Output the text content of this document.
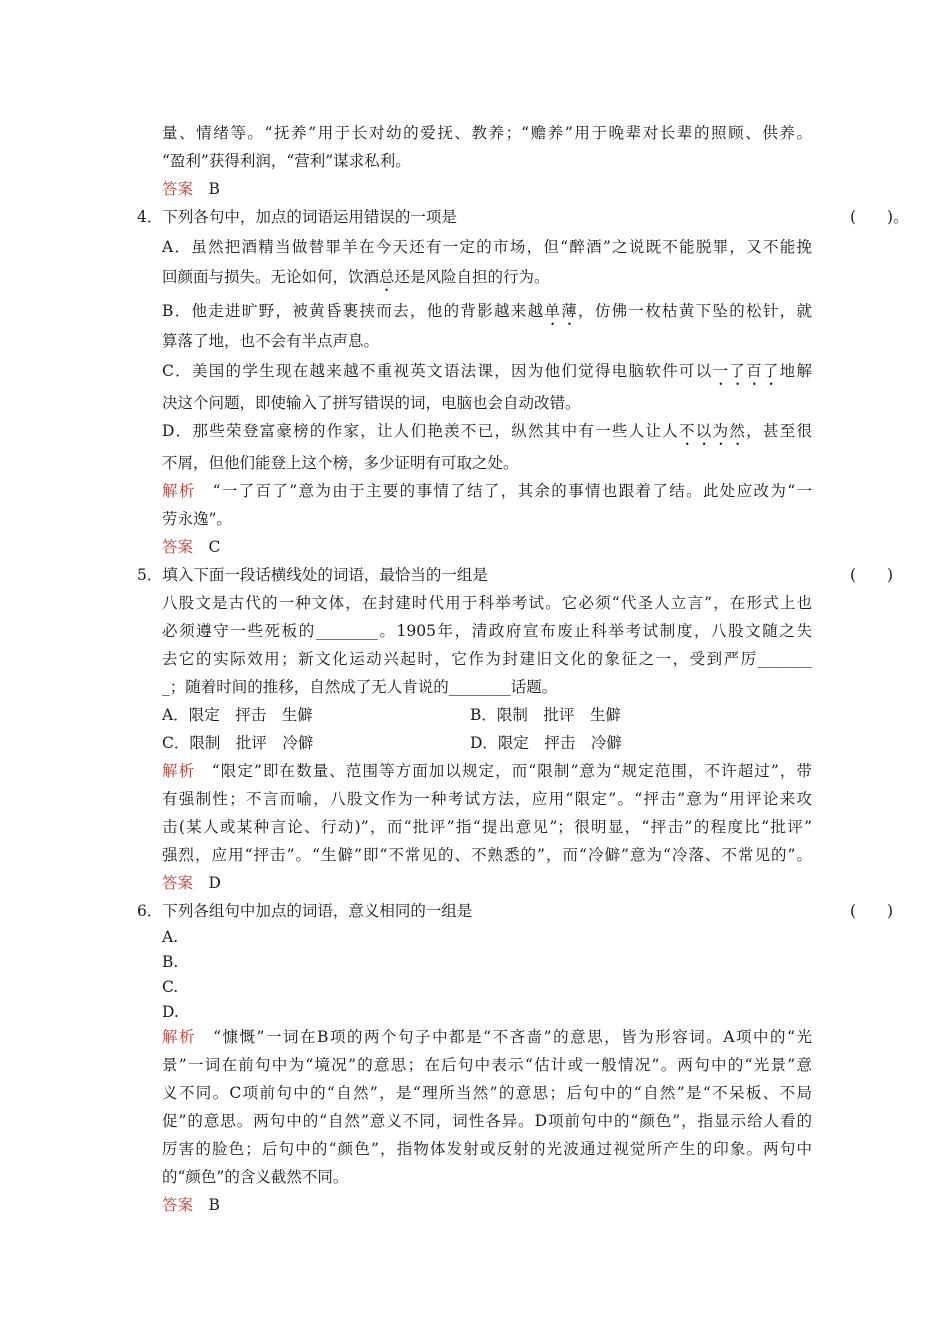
量、情绪等。“抚养”用于长对幼的爱抚、教养；“赡养”用于晚辈对长辈的照顾、供养。
“盈利”获得利润，“营利”谋求私利。
答案　 B
4．下列各句中，加点的词语运用错误的一项是	(　　)。
A．虽然把酒精当做替罪羊在今天还有一定的市场，但“醉酒”之说既不能脱罪，又不能挽
回颜面与损失。无论如何，饮酒总还是风险自担的行为。
B．他走进旷野，被黄昏裹挟而去，他的背影越来越单薄，仿佛一枚枯黄下坠的松针，就
算落了地，也不会有半点声息。
C．美国的学生现在越来越不重视英文语法课，因为他们觉得电脑软件可以一了百了地解
决这个问题，即使输入了拼写错误的词，电脑也会自动改错。
D．那些荣登富豪榜的作家，让人们艳羡不已，纵然其中有一些人让人不以为然，甚至很
不屑，但他们能登上这个榜，多少证明有可取之处。
解析　 “一了百了”意为由于主要的事情了结了，其余的事情也跟着了结。此处应改为“一
劳永逸”。
答案　 C
5．填入下面一段话横线处的词语，最恰当的一组是	(　　)
八股文是古代的一种文体，在封建时代用于科举考试。它必须“代圣人立言”，在形式上也
必须遵守一些死板的________。1905年，清政府宣布废止科举考试制度，八股文随之失
去它的实际效用；新文化运动兴起时，它作为封建旧文化的象征之一，受到严厉_______
_；随着时间的推移，自然成了无人肯说的________话题。
A．限定　抨击　生僻	B．限制　批评　生僻
C．限制　批评　冷僻	D．限定　抨击　冷僻
解析　 “限定”即在数量、范围等方面加以规定，而“限制”意为“规定范围，不许超过”，带
有强制性；不言而喻，八股文作为一种考试方法，应用“限定”。“抨击”意为“用评论来攻
击(某人或某种言论、行动)”，而“批评”指“提出意见”；很明显，“抨击”的程度比“批评”
强烈，应用“抨击”。“生僻”即“不常见的、不熟悉的”，而“冷僻”意为“冷落、不常见的”。
答案　 D
6．下列各组句中加点的词语，意义相同的一组是	(　　)
A.
B.
C.
D.
解析　 “慷慨”一词在B项的两个句子中都是“不吝啬”的意思，皆为形容词。A项中的“光
景”一词在前句中为“境况”的意思；在后句中表示“估计或一般情况”。两句中的“光景”意
义不同。C项前句中的“自然”，是“理所当然”的意思；后句中的“自然”是“不呆板、不局
促”的意思。两句中的“自然”意义不同，词性各异。D项前句中的“颜色”，指显示给人看的
厉害的脸色；后句中的“颜色”，指物体发射或反射的光波通过视觉所产生的印象。两句中
的“颜色”的含义截然不同。
答案　 B
